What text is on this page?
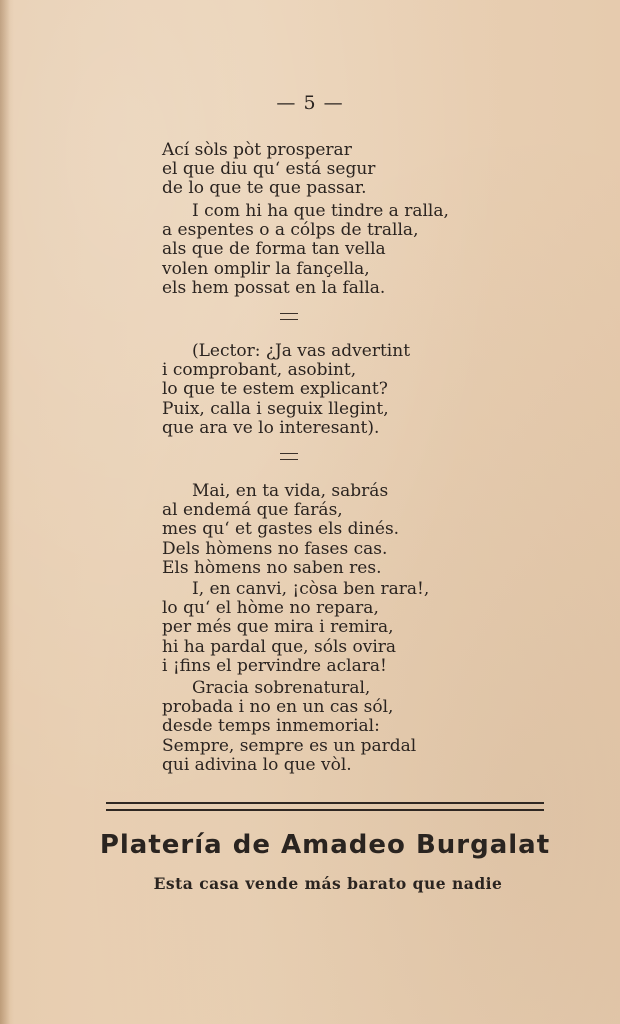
— 5 —
Ací sòls pòt prosperar
el que diu qu‘ está segur
de lo que te que passar.
I com hi ha que tindre a ralla,
a espentes o a cólps de tralla,
als que de forma tan vella
volen omplir la fançella,
els hem possat en la falla.
(Lector: ¿Ja vas advertint
i comprobant, asobint,
lo que te estem explicant?
Puix, calla i seguix llegint,
que ara ve lo interesant).
Mai, en ta vida, sabrás
al endemá que farás,
mes qu‘ et gastes els dinés.
Dels hòmens no fases cas.
Els hòmens no saben res.
I, en canvi, ¡còsa ben rara!,
lo qu‘ el hòme no repara,
per més que mira i remira,
hi ha pardal que, sóls ovira
i ¡fins el pervindre aclara!
Gracia sobrenatural,
probada i no en un cas sól,
desde temps inmemorial:
Sempre, sempre es un pardal
qui adivina lo que vòl.
Platería de Amadeo Burgalat
Esta casa vende más barato que nadie
